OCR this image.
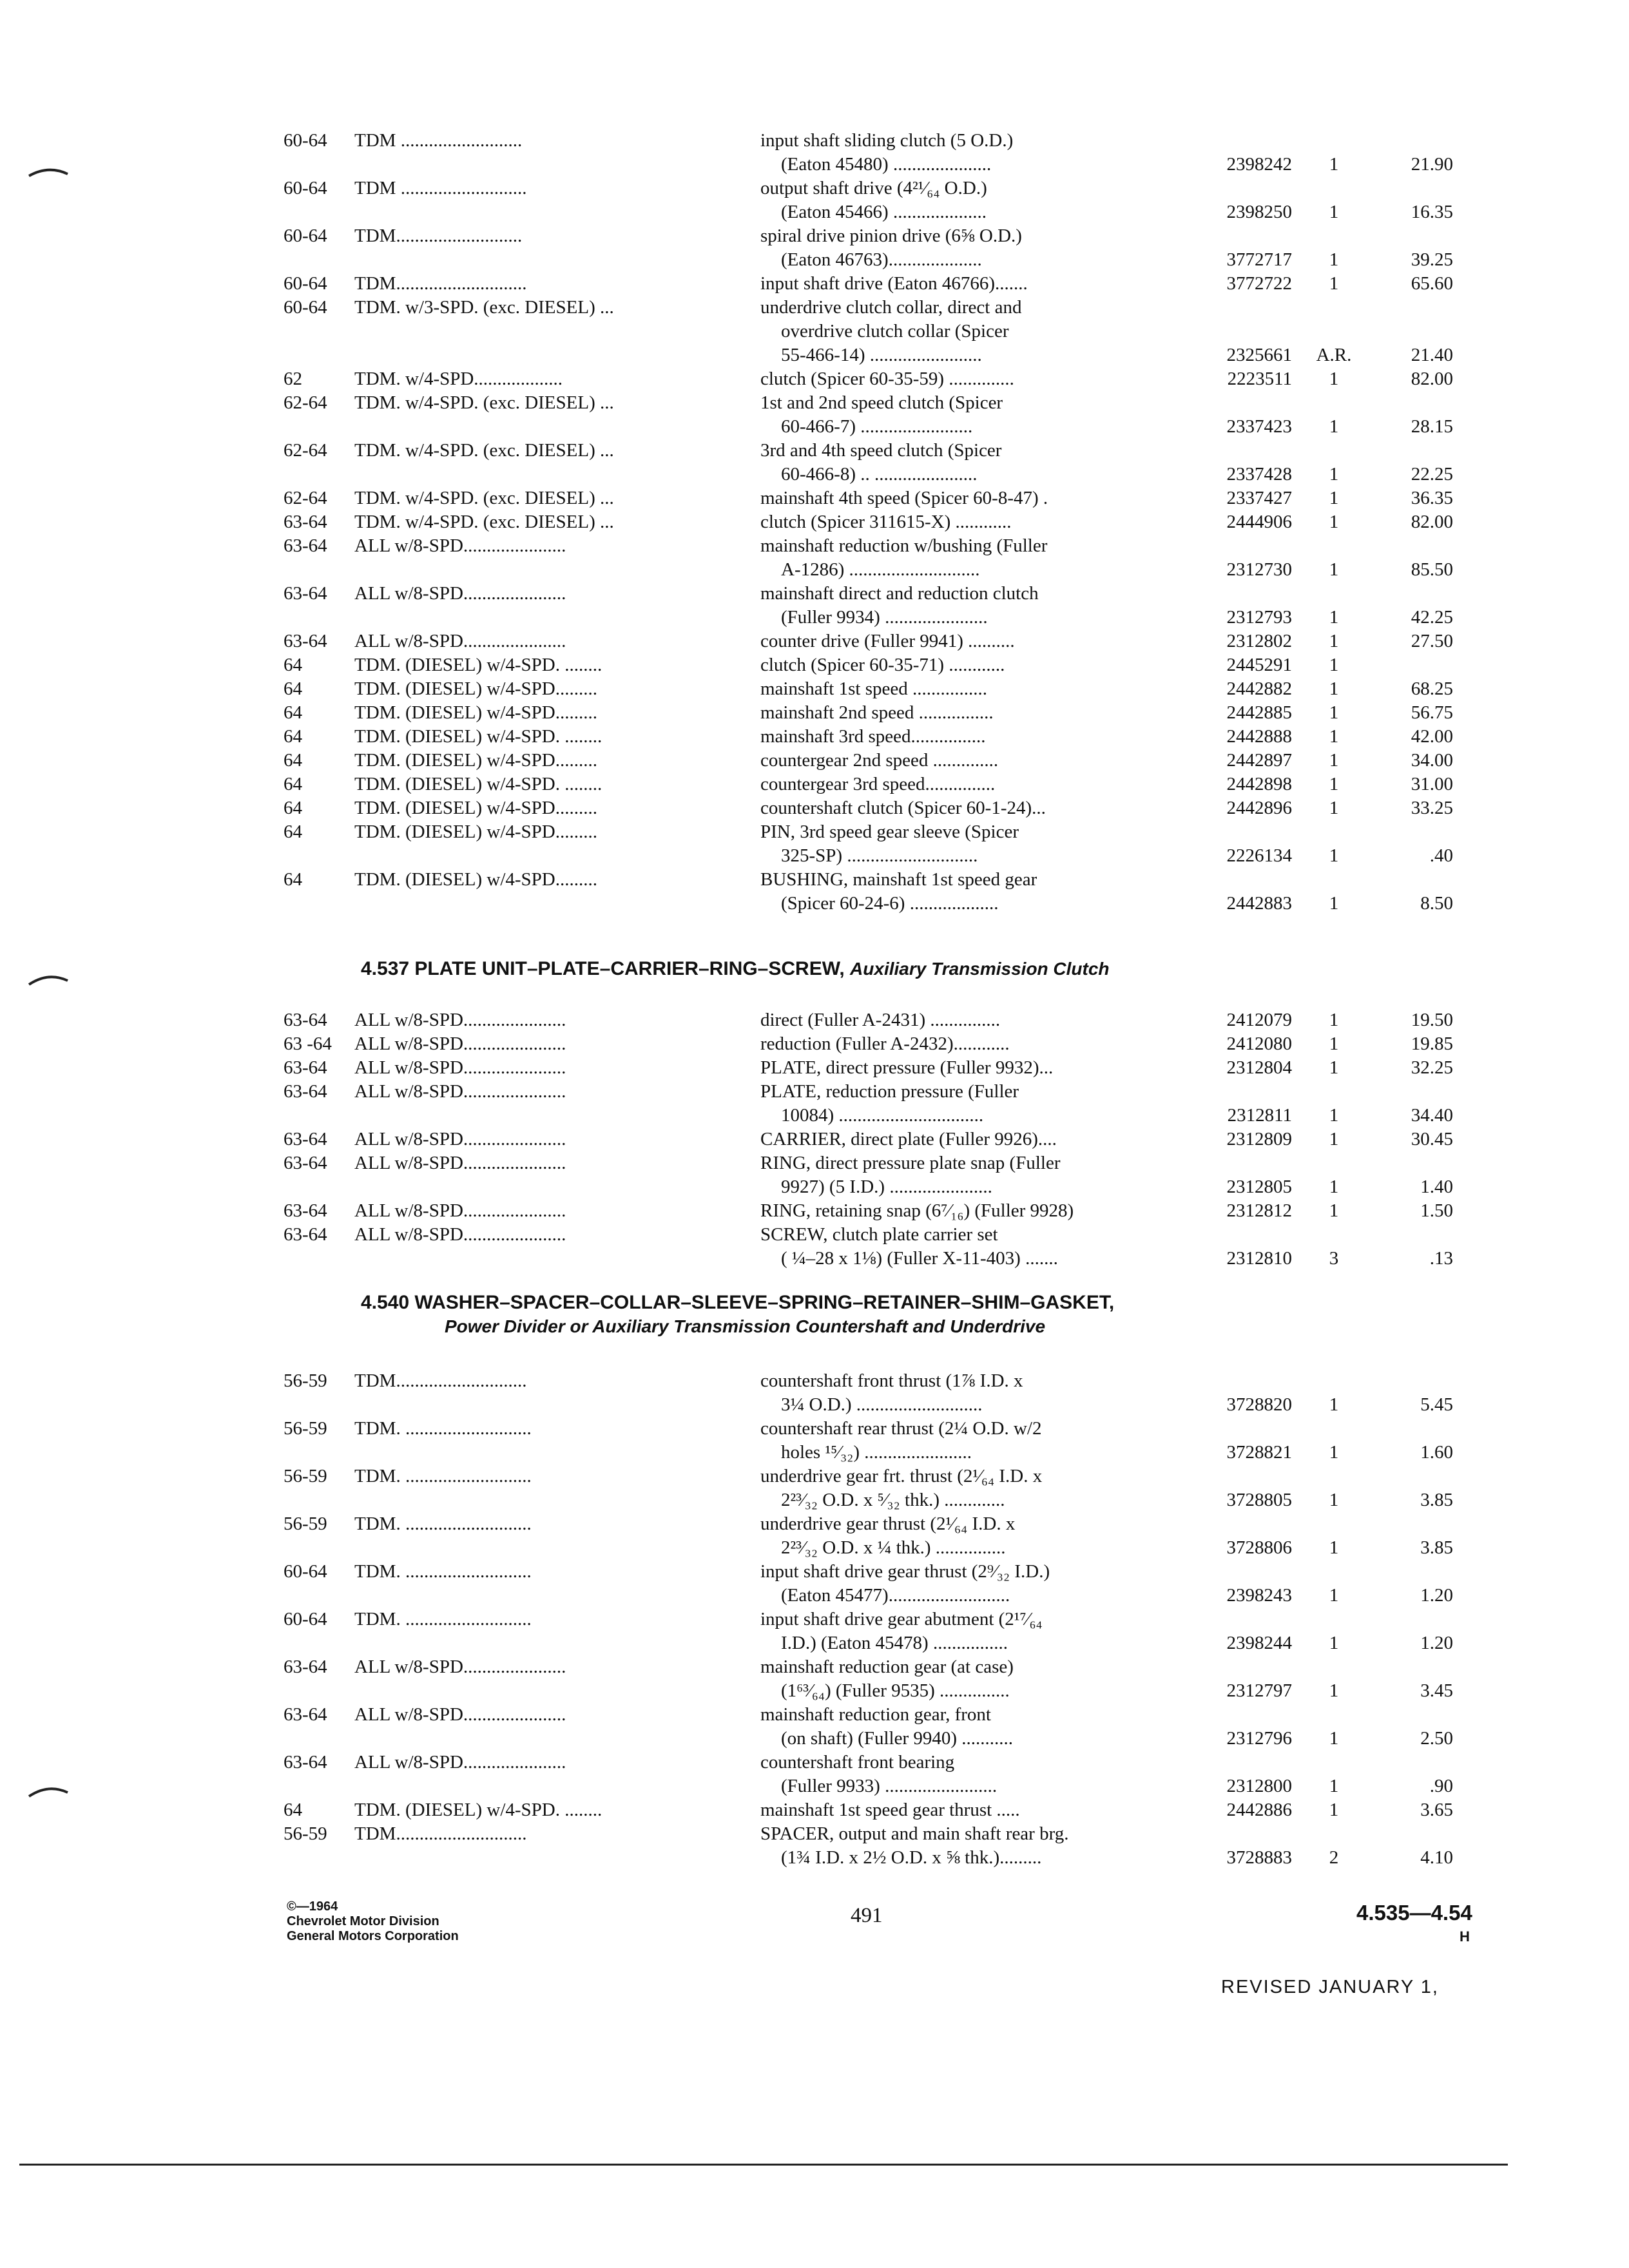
60-64 TDM ..........................	input shaft sliding clutch (5 O.D.)
(Eaton 45480) .....................	2398242	1	21.90
60-64 TDM ...........................	output shaft drive (4²¹⁄₆₄ O.D.)
(Eaton 45466) ....................	2398250	1	16.35
60-64 TDM...........................	spiral drive pinion drive (6⅝ O.D.)
(Eaton 46763)....................	3772717	1	39.25
60-64 TDM............................	input shaft drive (Eaton 46766).......	3772722	1	65.60
60-64 TDM. w/3-SPD. (exc. DIESEL) ...	underdrive clutch collar, direct and
overdrive clutch collar (Spicer
55-466-14) ........................	2325661	A.R.	21.40
62	TDM. w/4-SPD...................	clutch (Spicer 60-35-59) ..............	2223511	1	82.00
62-64 TDM. w/4-SPD. (exc. DIESEL) ...	1st and 2nd speed clutch (Spicer
60-466-7) ........................	2337423	1	28.15
62-64 TDM. w/4-SPD. (exc. DIESEL) ...	3rd and 4th speed clutch (Spicer
60-466-8) .. ......................	2337428	1	22.25
62-64 TDM. w/4-SPD. (exc. DIESEL) ...	mainshaft 4th speed (Spicer 60-8-47) .	2337427	1	36.35
63-64 TDM. w/4-SPD. (exc. DIESEL) ...	clutch (Spicer 311615-X) ............	2444906	1	82.00
63-64 ALL w/8-SPD......................	mainshaft reduction w/bushing (Fuller
A-1286) ............................	2312730	1	85.50
63-64 ALL w/8-SPD......................	mainshaft direct and reduction clutch
(Fuller 9934) ......................	2312793	1	42.25
63-64 ALL w/8-SPD......................	counter drive (Fuller 9941) ..........	2312802	1	27.50
64	TDM. (DIESEL) w/4-SPD. ........	clutch (Spicer 60-35-71) ............	2445291	1
64	TDM. (DIESEL) w/4-SPD.........	mainshaft 1st speed ................	2442882	1	68.25
64	TDM. (DIESEL) w/4-SPD.........	mainshaft 2nd speed ................	2442885	1	56.75
64	TDM. (DIESEL) w/4-SPD. ........	mainshaft 3rd speed................	2442888	1	42.00
64	TDM. (DIESEL) w/4-SPD.........	countergear 2nd speed ..............	2442897	1	34.00
64	TDM. (DIESEL) w/4-SPD. ........	countergear 3rd speed...............	2442898	1	31.00
64	TDM. (DIESEL) w/4-SPD.........	countershaft clutch (Spicer 60-1-24)...	2442896	1	33.25
64	TDM. (DIESEL) w/4-SPD.........	PIN, 3rd speed gear sleeve (Spicer
325-SP) ............................	2226134	1	.40
64	TDM. (DIESEL) w/4-SPD.........	BUSHING, mainshaft 1st speed gear
(Spicer 60-24-6) ...................	2442883	1	8.50
4.537 PLATE UNIT–PLATE–CARRIER–RING–SCREW, Auxiliary Transmission Clutch
63-64 ALL w/8-SPD......................	direct (Fuller A-2431) ...............	2412079	1	19.50
63 -64 ALL w/8-SPD......................	reduction (Fuller A-2432)............	2412080	1	19.85
63-64 ALL w/8-SPD......................	PLATE, direct pressure (Fuller 9932)...	2312804	1	32.25
63-64 ALL w/8-SPD......................	PLATE, reduction pressure (Fuller
10084) ...............................	2312811	1	34.40
63-64 ALL w/8-SPD......................	CARRIER, direct plate (Fuller 9926)....	2312809	1	30.45
63-64 ALL w/8-SPD......................	RING, direct pressure plate snap (Fuller
9927) (5 I.D.) ......................	2312805	1	1.40
63-64 ALL w/8-SPD......................	RING, retaining snap (6⁷⁄₁₆) (Fuller 9928)	2312812	1	1.50
63-64 ALL w/8-SPD......................	SCREW, clutch plate carrier set
( ¼–28 x 1⅛) (Fuller X-11-403) .......	2312810	3	.13
4.540 WASHER–SPACER–COLLAR–SLEEVE–SPRING–RETAINER–SHIM–GASKET,
Power Divider or Auxiliary Transmission Countershaft and Underdrive
56-59 TDM............................	countershaft front thrust (1⅞ I.D. x
3¼ O.D.) ...........................	3728820	1	5.45
56-59 TDM. ...........................	countershaft rear thrust (2¼ O.D. w/2
holes ¹⁵⁄₃₂) .......................	3728821	1	1.60
56-59 TDM. ...........................	underdrive gear frt. thrust (2¹⁄₆₄ I.D. x
2²³⁄₃₂ O.D. x ⁵⁄₃₂ thk.) .............	3728805	1	3.85
56-59 TDM. ...........................	underdrive gear thrust (2¹⁄₆₄ I.D. x
2²³⁄₃₂ O.D. x ¼ thk.) ...............	3728806	1	3.85
60-64 TDM. ...........................	input shaft drive gear thrust (2⁹⁄₃₂ I.D.)
(Eaton 45477)..........................	2398243	1	1.20
60-64 TDM. ...........................	input shaft drive gear abutment (2¹⁷⁄₆₄
I.D.) (Eaton 45478) ................	2398244	1	1.20
63-64 ALL w/8-SPD......................	mainshaft reduction gear (at case)
(1⁶³⁄₆₄) (Fuller 9535) ...............	2312797	1	3.45
63-64 ALL w/8-SPD......................	mainshaft reduction gear, front
(on shaft) (Fuller 9940) ...........	2312796	1	2.50
63-64 ALL w/8-SPD......................	countershaft front bearing
(Fuller 9933) ........................	2312800	1	.90
64	TDM. (DIESEL) w/4-SPD. ........	mainshaft 1st speed gear thrust .....	2442886	1	3.65
56-59 TDM............................	SPACER, output and main shaft rear brg.
(1¾ I.D. x 2½ O.D. x ⅝ thk.).........	3728883	2	4.10
©—1964
Chevrolet Motor Division
General Motors Corporation
491	4.535—4.54
H
REVISED JANUARY 1,
